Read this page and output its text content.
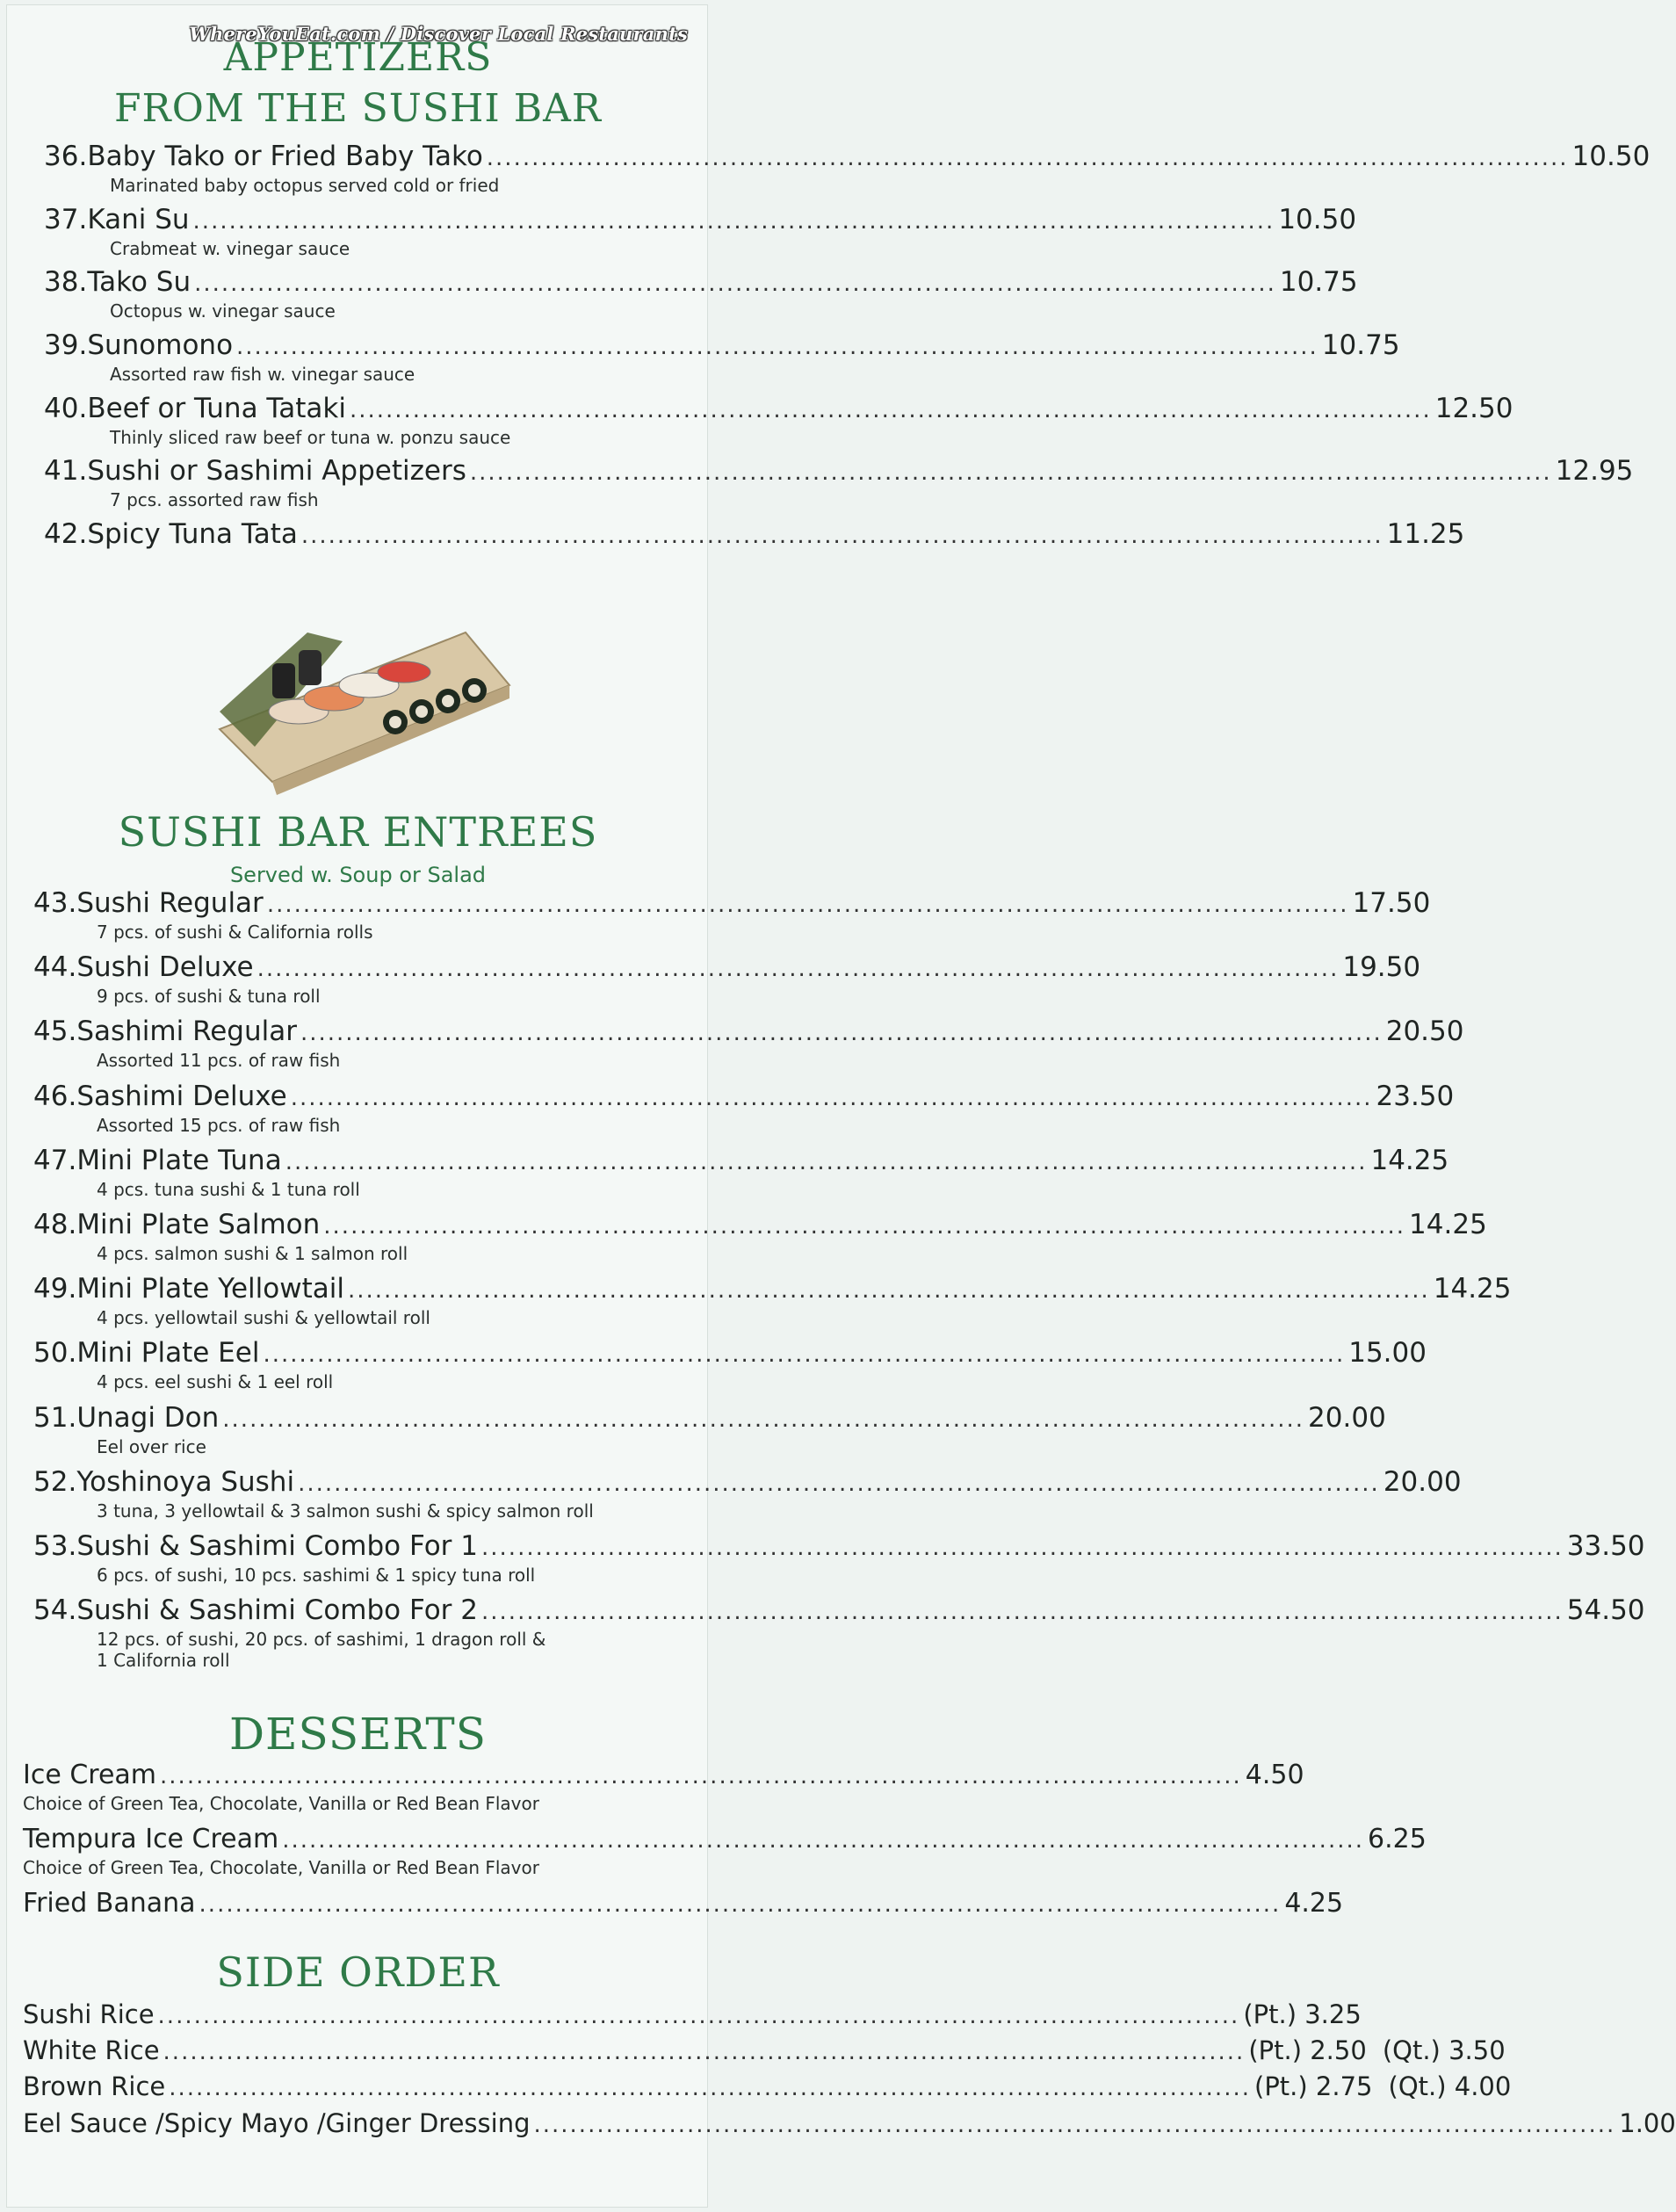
WhereYouEat.com / Discover Local Restaurants
APPETIZERS
FROM THE SUSHI BAR
36. Baby Tako or Fried Baby Tako ........................................................................................................................ 10.50
Marinated baby octopus served cold or fried
37. Kani Su ........................................................................................................................ 10.50
Crabmeat w. vinegar sauce
38. Tako Su ........................................................................................................................ 10.75
Octopus w. vinegar sauce
39. Sunomono ........................................................................................................................ 10.75
Assorted raw fish w. vinegar sauce
40. Beef or Tuna Tataki ........................................................................................................................ 12.50
Thinly sliced raw beef or tuna w. ponzu sauce
41. Sushi or Sashimi Appetizers ........................................................................................................................ 12.95
7 pcs. assorted raw fish
42. Spicy Tuna Tata ........................................................................................................................ 11.25
SUSHI BAR ENTREES
Served w. Soup or Salad
43. Sushi Regular ........................................................................................................................ 17.50
7 pcs. of sushi & California rolls
44. Sushi Deluxe ........................................................................................................................ 19.50
9 pcs. of sushi & tuna roll
45. Sashimi Regular ........................................................................................................................ 20.50
Assorted 11 pcs. of raw fish
46. Sashimi Deluxe ........................................................................................................................ 23.50
Assorted 15 pcs. of raw fish
47. Mini Plate Tuna ........................................................................................................................ 14.25
4 pcs. tuna sushi & 1 tuna roll
48. Mini Plate Salmon ........................................................................................................................ 14.25
4 pcs. salmon sushi & 1 salmon roll
49. Mini Plate Yellowtail ........................................................................................................................ 14.25
4 pcs. yellowtail sushi & yellowtail roll
50. Mini Plate Eel ........................................................................................................................ 15.00
4 pcs. eel sushi & 1 eel roll
51. Unagi Don ........................................................................................................................ 20.00
Eel over rice
52. Yoshinoya Sushi ........................................................................................................................ 20.00
3 tuna, 3 yellowtail & 3 salmon sushi & spicy salmon roll
53. Sushi & Sashimi Combo For 1 ........................................................................................................................ 33.50
6 pcs. of sushi, 10 pcs. sashimi & 1 spicy tuna roll
54. Sushi & Sashimi Combo For 2 ........................................................................................................................ 54.50
12 pcs. of sushi, 20 pcs. of sashimi, 1 dragon roll &
1 California roll
DESSERTS
Ice Cream ........................................................................................................................ 4.50
Choice of Green Tea, Chocolate, Vanilla or Red Bean Flavor
Tempura Ice Cream ........................................................................................................................ 6.25
Choice of Green Tea, Chocolate, Vanilla or Red Bean Flavor
Fried Banana ........................................................................................................................ 4.25
SIDE ORDER
Sushi Rice ........................................................................................................................ (Pt.) 3.25
White Rice ........................................................................................................................ (Pt.) 2.50 (Qt.) 3.50
Brown Rice ........................................................................................................................ (Pt.) 2.75 (Qt.) 4.00
Eel Sauce /Spicy Mayo /Ginger Dressing ........................................................................................................................ 1.00
